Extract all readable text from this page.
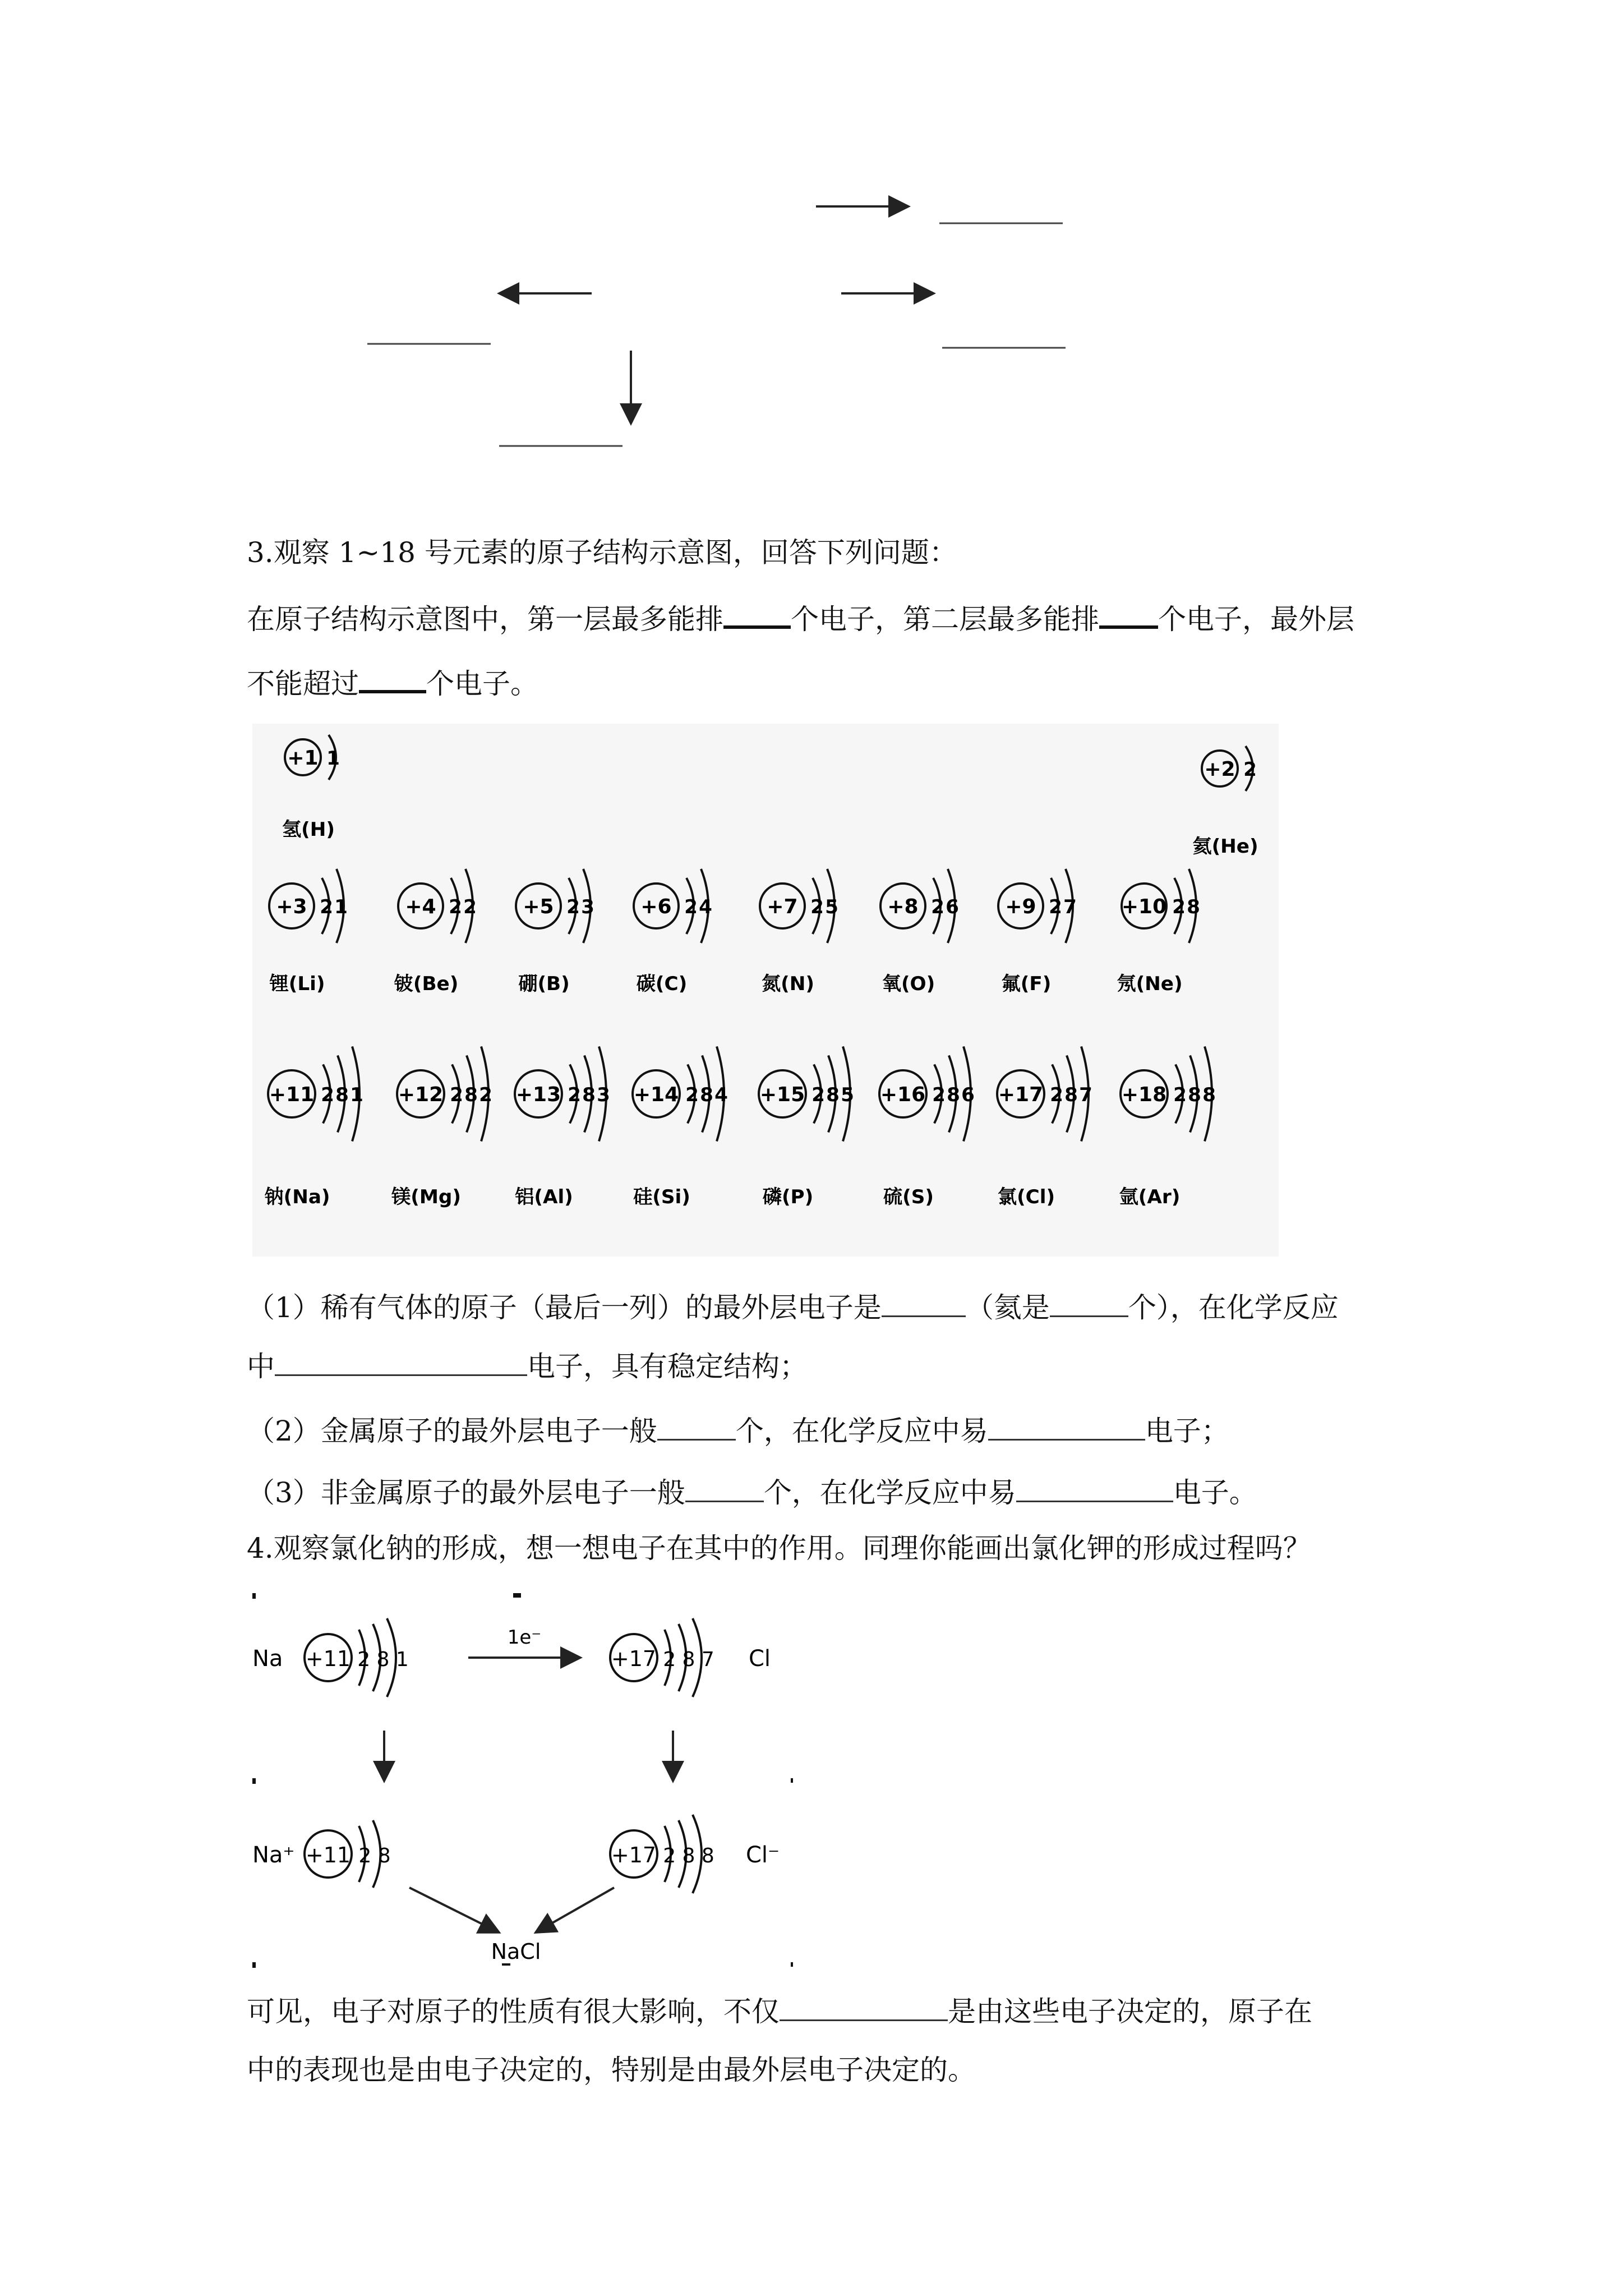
3.观察 1~18 号元素的原子结构示意图，回答下列问题：
在原子结构示意图中，第一层最多能排 个电子，第二层最多能排 个电子，最外层
不能超过 个电子。
+1 1
氢(H)
+2 2
氦(He)
+3 2 1
锂(Li)
+4 2 2
铍(Be)
+5 2 3
硼(B)
+6 2 4
碳(C)
+7 2 5
氮(N)
+8 2 6
氧(O)
+9 2 7
氟(F)
+10 2 8
氖(Ne)
+11 2 8 1
钠(Na)
+12 2 8 2
镁(Mg)
+13 2 8 3
铝(Al)
+14 2 8 4
硅(Si)
+15 2 8 5
磷(P)
+16 2 8 6
硫(S)
+17 2 8 7
氯(Cl)
+18 2 8 8
氩(Ar)
（1）稀有气体的原子（最后一列）的最外层电子是	（氦是	个），在化学反应
中	电子，具有稳定结构；
（2）金属原子的最外层电子一般	个，在化学反应中易	电子；
（3）非金属原子的最外层电子一般	个，在化学反应中易	电子。
4.观察氯化钠的形成，想一想电子在其中的作用。同理你能画出氯化钾的形成过程吗？
Na +11 2 8 1
1e⁻
+17 2 8 7 Cl
Na⁺ +11 2 8	+17 2 8 8 Cl⁻
NaCl
可见，电子对原子的性质有很大影响，不仅	是由这些电子决定的，原子在
中的表现也是由电子决定的，特别是由最外层电子决定的。
